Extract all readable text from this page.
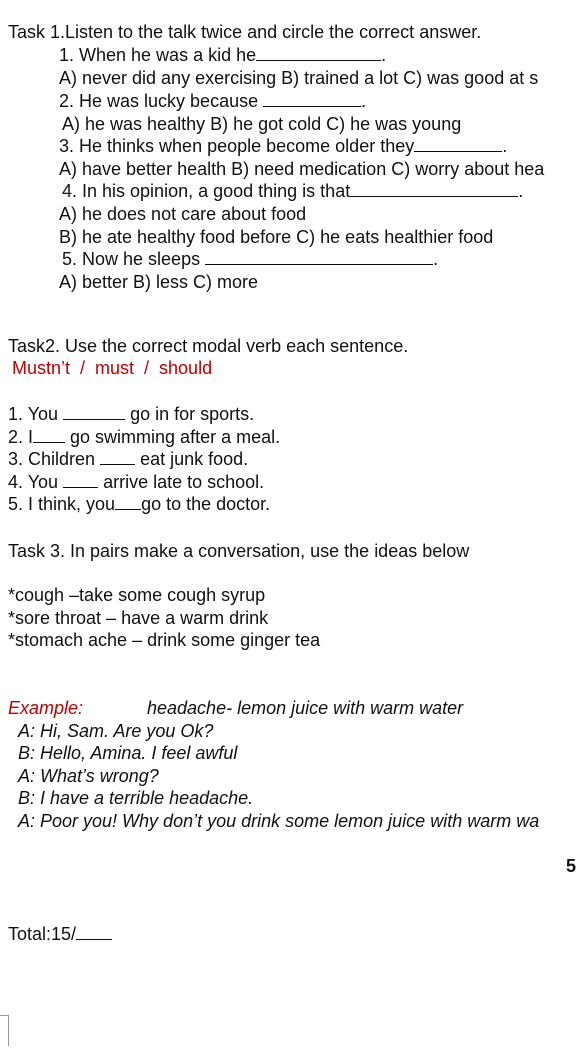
Task 1.Listen to the talk twice and circle the correct answer.
1. When he was a kid he	.
A) never did any exercising B) trained a lot C) was good at s
2. He was lucky because	.
A) he was healthy B) he got cold C) he was young
3. He thinks when people become older they	.
A) have better health B) need medication C) worry about hea
4. In his opinion, a good thing is that	.
A) he does not care about food
B) he ate healthy food before C) he eats healthier food
5. Now he sleeps	.
A) better B) less C) more
Task2. Use the correct modal verb each sentence.
Mustn’t  /  must  /  should
1. You	go in for sports.
2. I go swimming after a meal.
3. Children	eat junk food.
4. You	arrive late to school.
5. I think, you go to the doctor.
Task 3. In pairs make a conversation, use the ideas below
*cough –take some cough syrup
*sore throat – have a warm drink
*stomach ache – drink some ginger tea
Example:	headache- lemon juice with warm water
A: Hi, Sam. Are you Ok?
B: Hello, Amina. I feel awful
A: What’s wrong?
B: I have a terrible headache.
A: Poor you! Why don’t you drink some lemon juice with warm wa
5
Total:15/
